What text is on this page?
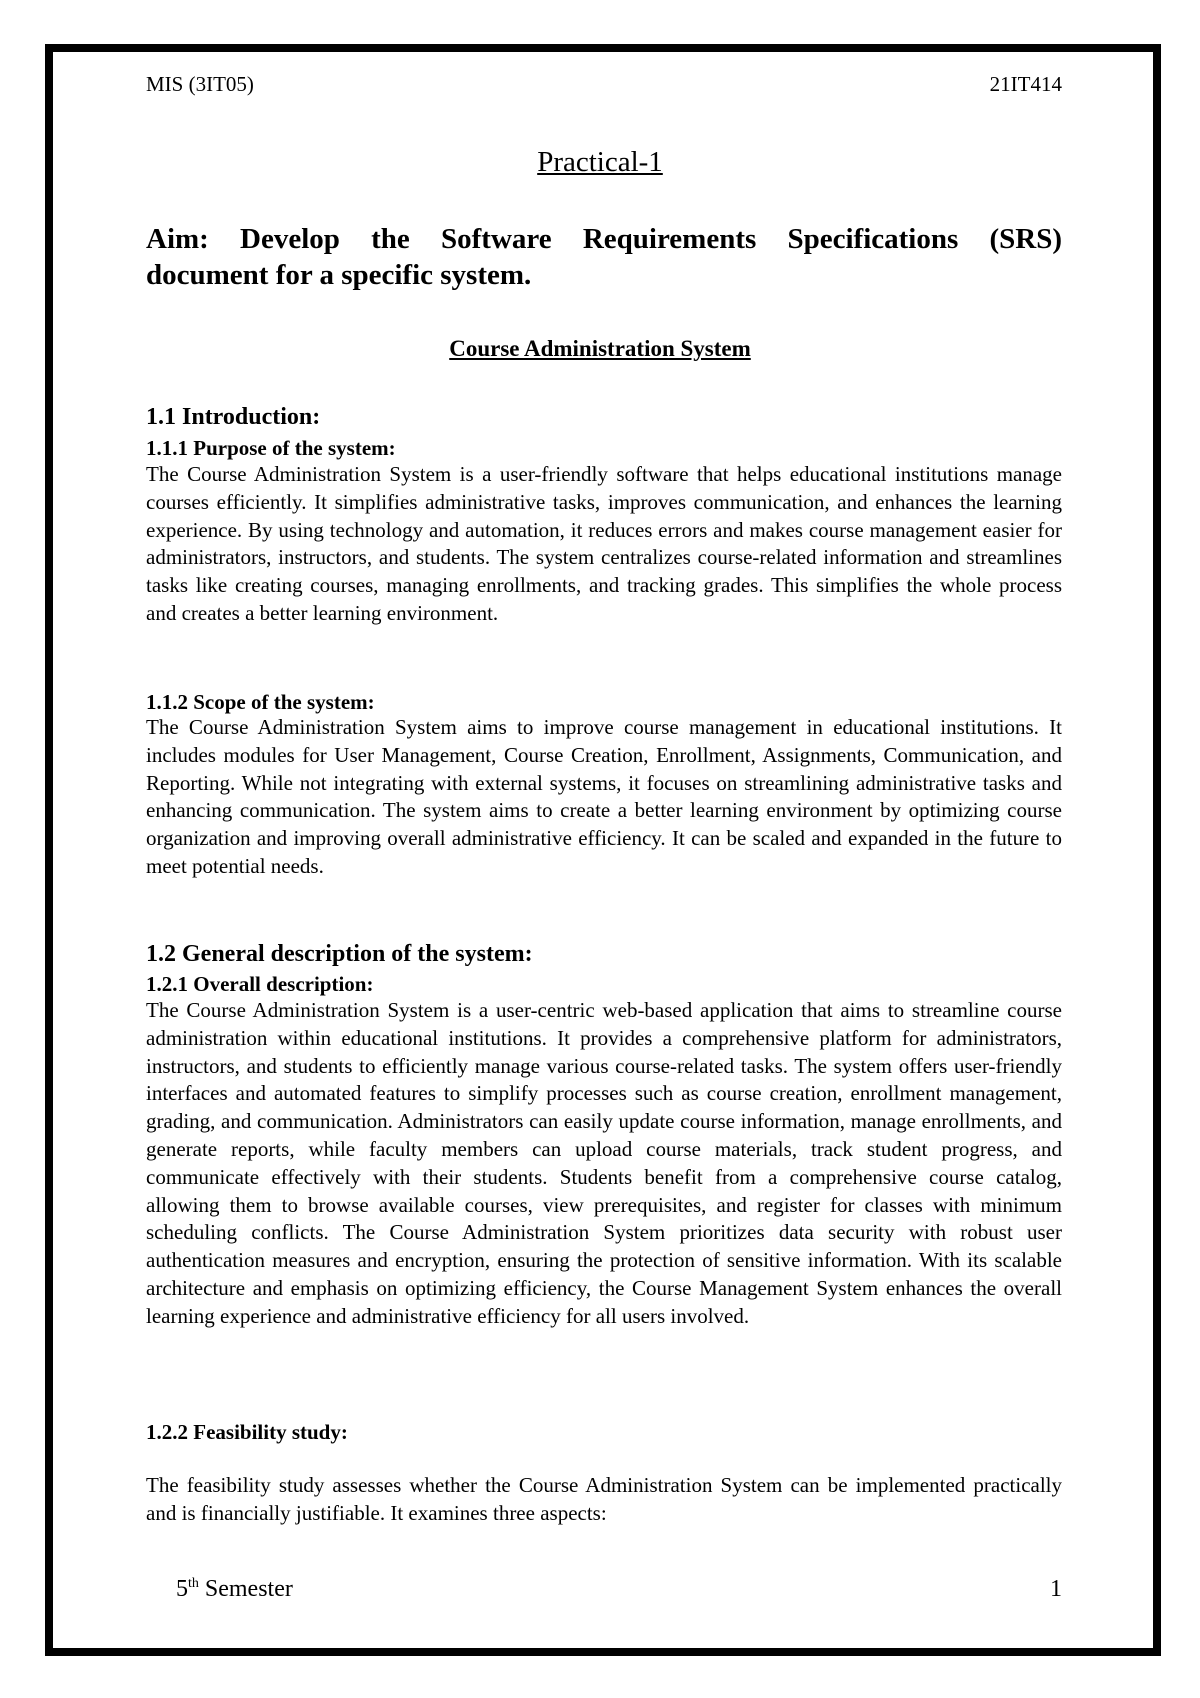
MIS (3IT05)	21IT414
Practical-1
Aim: Develop the Software Requirements Specifications (SRS)
document for a specific system.
Course Administration System
1.1 Introduction:
1.1.1 Purpose of the system:
The Course Administration System is a user-friendly software that helps educational institutions manage courses efficiently. It simplifies administrative tasks, improves communication, and enhances the learning experience. By using technology and automation, it reduces errors and makes course management easier for administrators, instructors, and students. The system centralizes course-related information and streamlines tasks like creating courses, managing enrollments, and tracking grades. This simplifies the whole process and creates a better learning environment.
1.1.2 Scope of the system:
The Course Administration System aims to improve course management in educational institutions. It includes modules for User Management, Course Creation, Enrollment, Assignments, Communication, and Reporting. While not integrating with external systems, it focuses on streamlining administrative tasks and enhancing communication. The system aims to create a better learning environment by optimizing course organization and improving overall administrative efficiency. It can be scaled and expanded in the future to meet potential needs.
1.2 General description of the system:
1.2.1 Overall description:
The Course Administration System is a user-centric web-based application that aims to streamline course administration within educational institutions. It provides a comprehensive platform for administrators, instructors, and students to efficiently manage various course-related tasks. The system offers user-friendly interfaces and automated features to simplify processes such as course creation, enrollment management, grading, and communication. Administrators can easily update course information, manage enrollments, and generate reports, while faculty members can upload course materials, track student progress, and communicate effectively with their students. Students benefit from a comprehensive course catalog, allowing them to browse available courses, view prerequisites, and register for classes with minimum scheduling conflicts. The Course Administration System prioritizes data security with robust user authentication measures and encryption, ensuring the protection of sensitive information. With its scalable architecture and emphasis on optimizing efficiency, the Course Management System enhances the overall learning experience and administrative efficiency for all users involved.
1.2.2 Feasibility study:
The feasibility study assesses whether the Course Administration System can be implemented practically and is financially justifiable. It examines three aspects:
5th Semester	1
